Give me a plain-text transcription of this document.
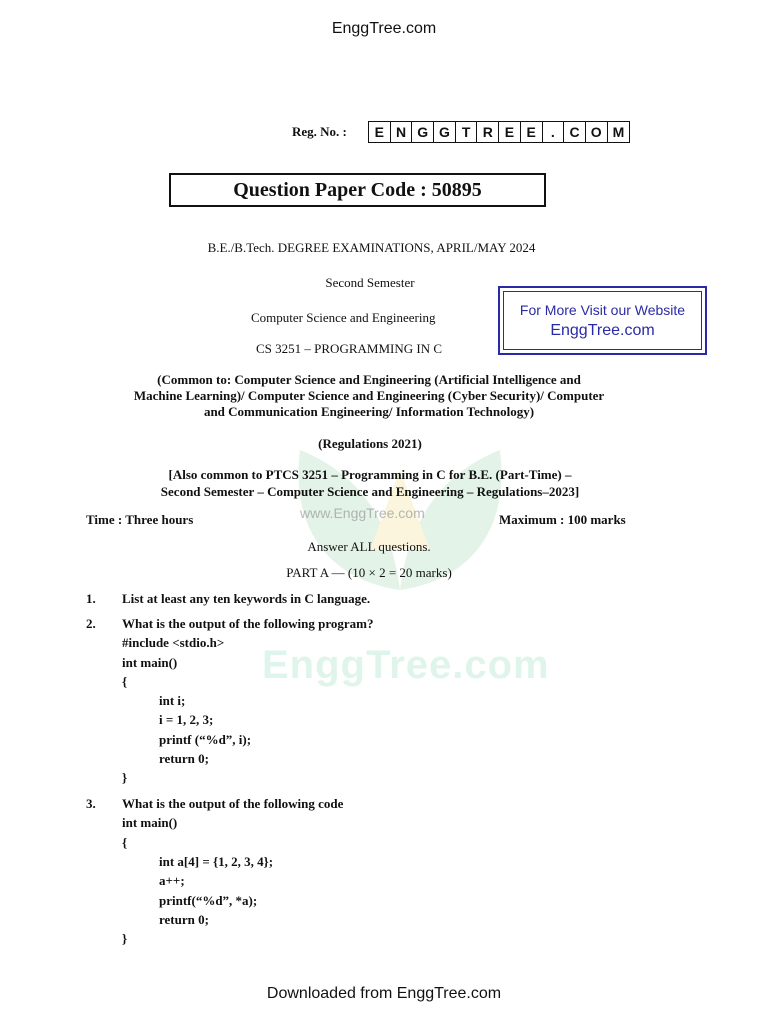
www.EnggTree.com
EnggTree.com
EnggTree.com
Reg. No. :	E N G G T R E E	.	C O M
Question Paper Code : 50895
B.E./B.Tech. DEGREE EXAMINATIONS, APRIL/MAY 2024
Second Semester
Computer Science and Engineering
CS 3251 – PROGRAMMING IN C
For More Visit our Website
EnggTree.com
(Common to: Computer Science and Engineering (Artificial Intelligence and
Machine Learning)/ Computer Science and Engineering (Cyber Security)/ Computer
and Communication Engineering/ Information Technology)
(Regulations 2021)
[Also common to PTCS 3251 – Programming in C for B.E. (Part-Time) –
Second Semester – Computer Science and Engineering – Regulations–2023]
Time : Three hours	Maximum : 100 marks
Answer ALL questions.
PART A — (10 × 2 = 20 marks)
1. List at least any ten keywords in C language.
2. What is the output of the following program?
#include <stdio.h>
int main()
{
int i;
i = 1, 2, 3;
printf (“%d”, i);
return 0;
}
3. What is the output of the following code
int main()
{
int a[4] = {1, 2, 3, 4};
a++;
printf(“%d”, *a);
return 0;
}
Downloaded from EnggTree.com
